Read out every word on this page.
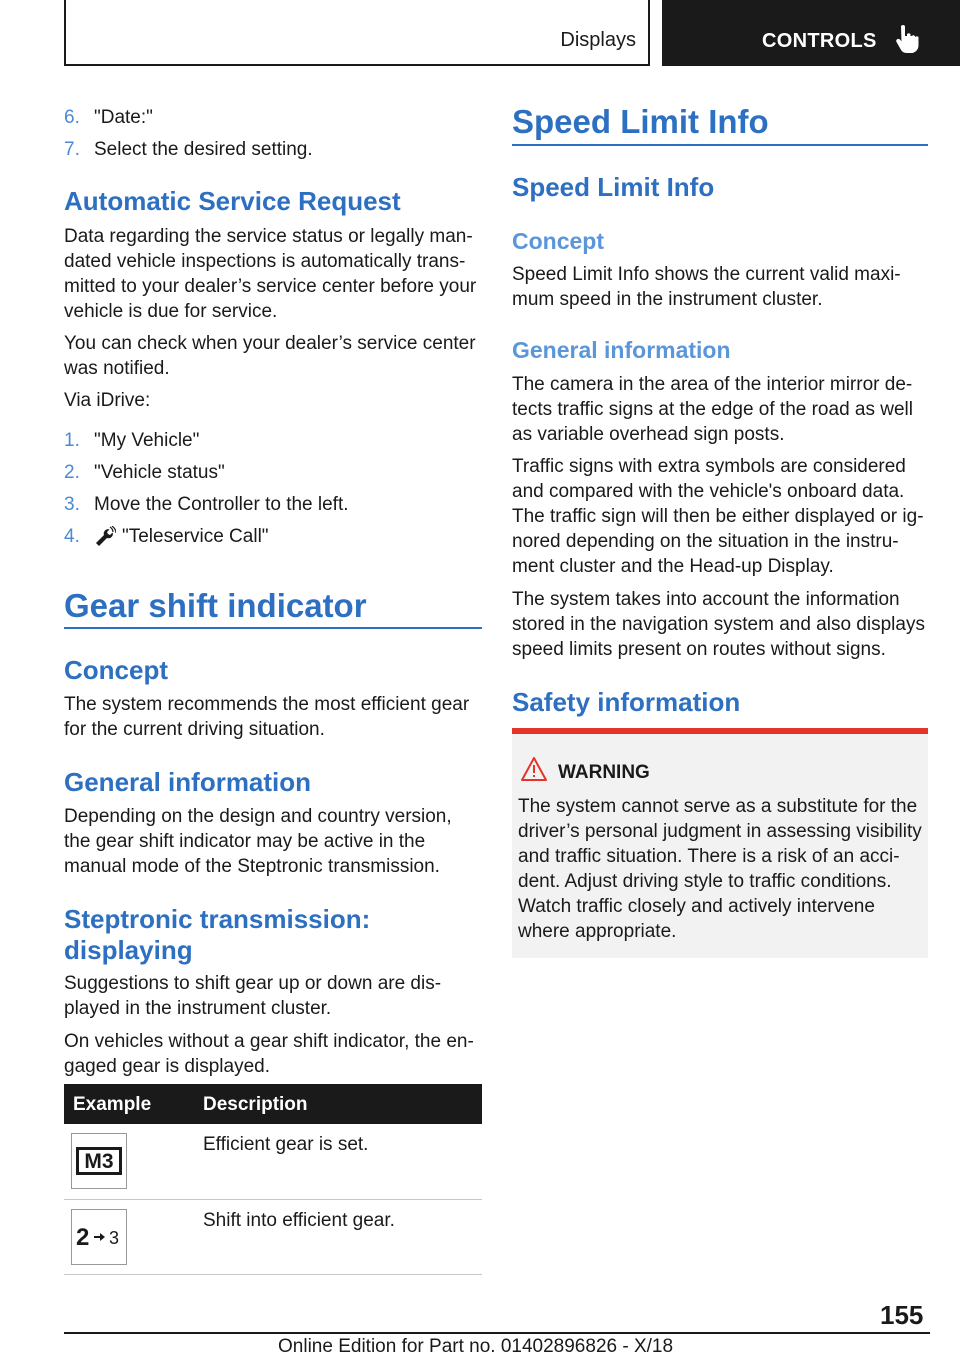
Displays	CONTROLS
6. "Date:"
7. Select the desired setting.
Automatic Service Request
Data regarding the service status or legally man-
dated vehicle inspections is automatically trans-
mitted to your dealer’s service center before your
vehicle is due for service.
You can check when your dealer’s service center
was notified.
Via iDrive:
1. "My Vehicle"
2. "Vehicle status"
3. Move the Controller to the left.
4. "Teleservice Call"
Gear shift indicator
Concept
The system recommends the most efficient gear
for the current driving situation.
General information
Depending on the design and country version,
the gear shift indicator may be active in the
manual mode of the Steptronic transmission.
Steptronic transmission:
displaying
Suggestions to shift gear up or down are dis-
played in the instrument cluster.
On vehicles without a gear shift indicator, the en-
gaged gear is displayed.
Example	Description
M3
Efficient gear is set.
2 3
Shift into efficient gear.
Speed Limit Info
Speed Limit Info
Concept
Speed Limit Info shows the current valid maxi-
mum speed in the instrument cluster.
General information
The camera in the area of the interior mirror de-
tects traffic signs at the edge of the road as well
as variable overhead sign posts.
Traffic signs with extra symbols are considered
and compared with the vehicle's onboard data.
The traffic sign will then be either displayed or ig-
nored depending on the situation in the instru-
ment cluster and the Head-up Display.
The system takes into account the information
stored in the navigation system and also displays
speed limits present on routes without signs.
Safety information
WARNING
The system cannot serve as a substitute for the
driver’s personal judgment in assessing visibility
and traffic situation. There is a risk of an acci-
dent. Adjust driving style to traffic conditions.
Watch traffic closely and actively intervene
where appropriate.
155
Online Edition for Part no. 01402896826 - X/18
